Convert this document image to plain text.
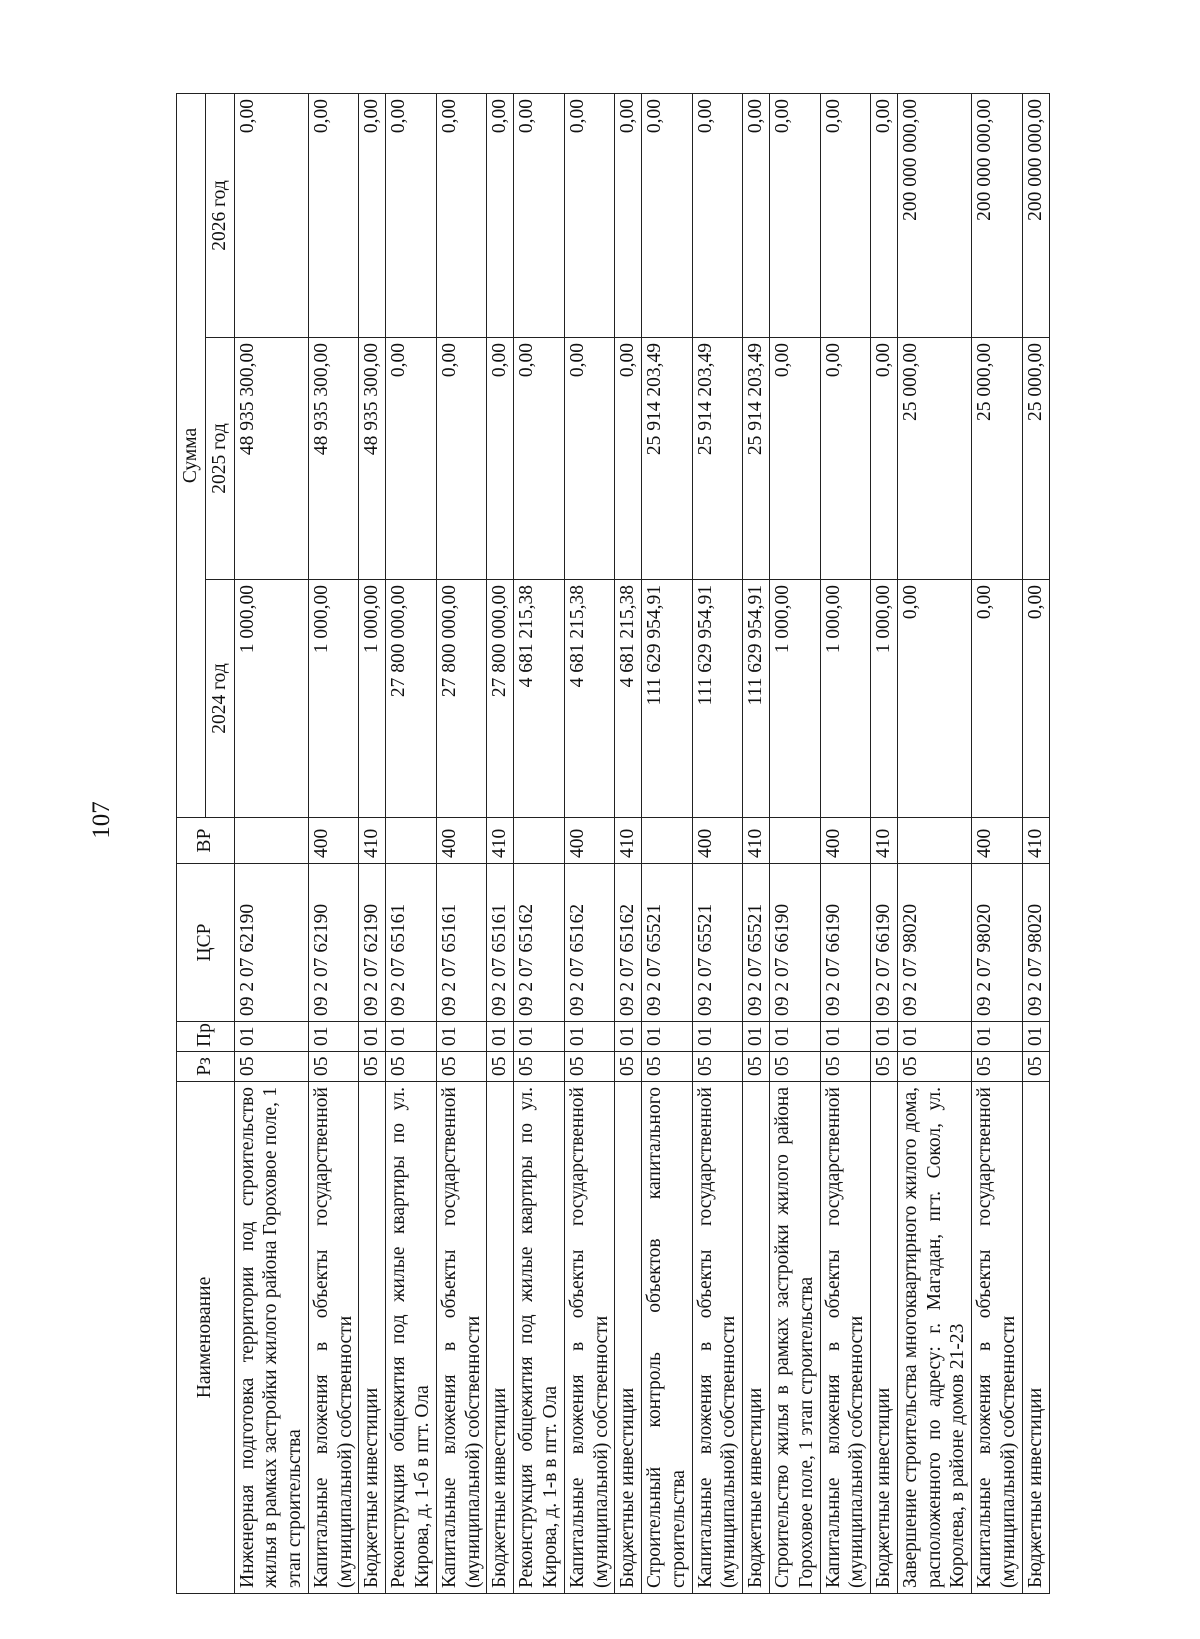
107
Наименование	Рз	Пр	ЦСР	ВР	Сумма		
					2024 год	2025 год	2026 год
Инженерная подготовка территории под строительство жилья в рамках застройки жилого района Гороховое поле, 1 этап строительства	05	01	09 2 07 62190		1 000,00	48 935 300,00	0,00
Капитальные вложения в объекты государственной (муниципальной) собственности	05	01	09 2 07 62190	400	1 000,00	48 935 300,00	0,00
Бюджетные инвестиции	05	01	09 2 07 62190	410	1 000,00	48 935 300,00	0,00
Реконструкция общежития под жилые квартиры по ул. Кирова, д. 1-б в пгт. Ола	05	01	09 2 07 65161		27 800 000,00	0,00	0,00
Капитальные вложения в объекты государственной (муниципальной) собственности	05	01	09 2 07 65161	400	27 800 000,00	0,00	0,00
Бюджетные инвестиции	05	01	09 2 07 65161	410	27 800 000,00	0,00	0,00
Реконструкция общежития под жилые квартиры по ул. Кирова, д. 1-в в пгт. Ола	05	01	09 2 07 65162		4 681 215,38	0,00	0,00
Капитальные вложения в объекты государственной (муниципальной) собственности	05	01	09 2 07 65162	400	4 681 215,38	0,00	0,00
Бюджетные инвестиции	05	01	09 2 07 65162	410	4 681 215,38	0,00	0,00
Строительный контроль объектов капитального строительства	05	01	09 2 07 65521		111 629 954,91	25 914 203,49	0,00
Капитальные вложения в объекты государственной (муниципальной) собственности	05	01	09 2 07 65521	400	111 629 954,91	25 914 203,49	0,00
Бюджетные инвестиции	05	01	09 2 07 65521	410	111 629 954,91	25 914 203,49	0,00
Строительство жилья в рамках застройки жилого района Гороховое поле, 1 этап строительства	05	01	09 2 07 66190		1 000,00	0,00	0,00
Капитальные вложения в объекты государственной (муниципальной) собственности	05	01	09 2 07 66190	400	1 000,00	0,00	0,00
Бюджетные инвестиции	05	01	09 2 07 66190	410	1 000,00	0,00	0,00
Завершение строительства многоквартирного жилого дома, расположенного по адресу: г. Магадан, пгт. Сокол, ул. Королева, в районе домов 21-23	05	01	09 2 07 98020		0,00	25 000,00	200 000 000,00
Капитальные вложения в объекты государственной (муниципальной) собственности	05	01	09 2 07 98020	400	0,00	25 000,00	200 000 000,00
Бюджетные инвестиции	05	01	09 2 07 98020	410	0,00	25 000,00	200 000 000,00
